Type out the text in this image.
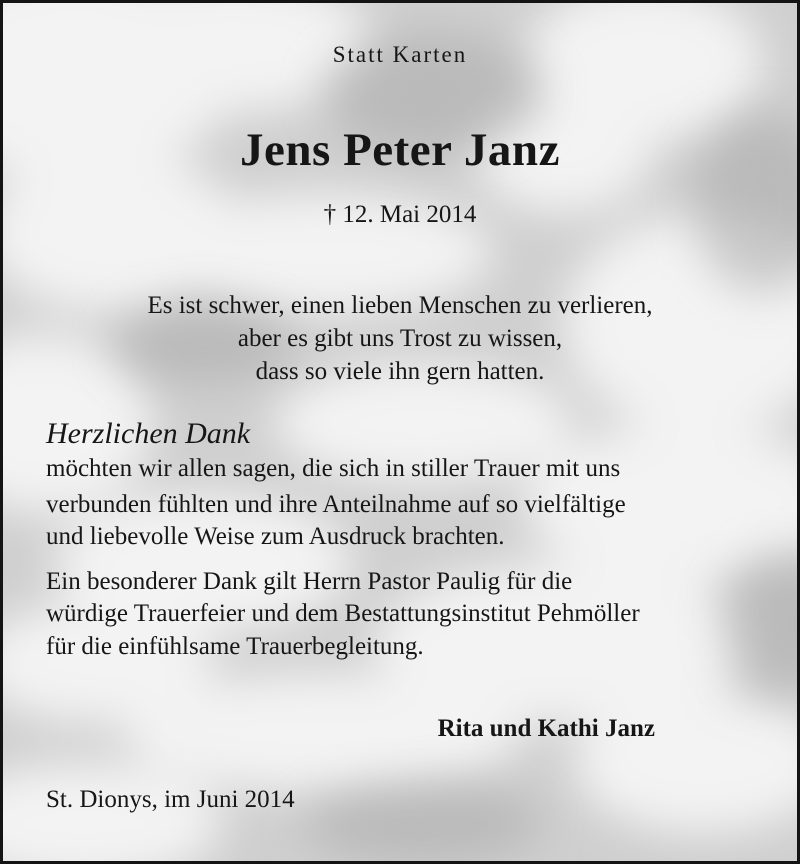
Statt Karten
Jens Peter Janz
† 12. Mai 2014
Es ist schwer, einen lieben Menschen zu verlieren,
aber es gibt uns Trost zu wissen,
dass so viele ihn gern hatten.
Herzlichen Dank
möchten wir allen sagen, die sich in stiller Trauer mit uns
verbunden fühlten und ihre Anteilnahme auf so vielfältige
und liebevolle Weise zum Ausdruck brachten.
Ein besonderer Dank gilt Herrn Pastor Paulig für die
würdige Trauerfeier und dem Bestattungsinstitut Pehmöller
für die einfühlsame Trauerbegleitung.
Rita und Kathi Janz
St. Dionys, im Juni 2014
